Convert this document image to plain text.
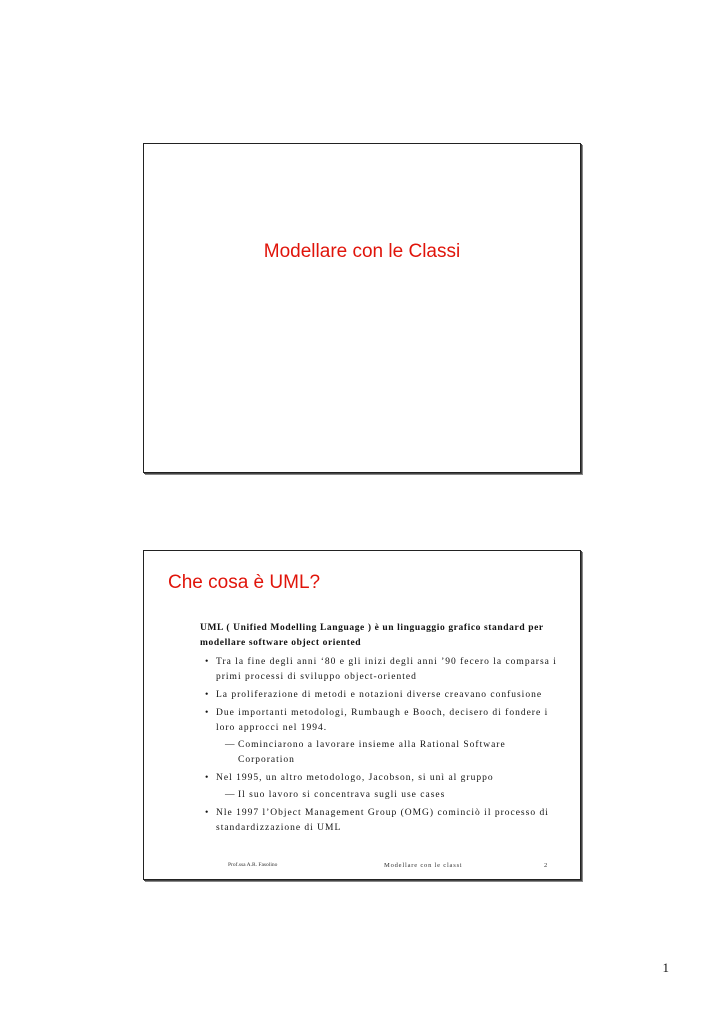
Modellare con le Classi
Che cosa è UML?

UML ( Unified Modelling Language ) è un linguaggio grafico standard per modellare software object oriented

• Tra la fine degli anni ‘80 e gli inizi degli anni ’90 fecero la comparsa i primi processi di sviluppo object-oriented
• La proliferazione di metodi e notazioni diverse creavano confusione
• Due importanti metodologi, Rumbaugh e Booch, decisero di fondere i loro approcci nel 1994.
— Cominciarono a lavorare insieme alla Rational Software Corporation
• Nel 1995, un altro metodologo, Jacobson, si unì al gruppo
— Il suo lavoro si concentrava sugli use cases
• Nle 1997 l’Object Management Group (OMG) cominciò il processo di standardizzazione di UML
Prof.ssa A.R. Fasolino	Modellare con le classi	2
1
